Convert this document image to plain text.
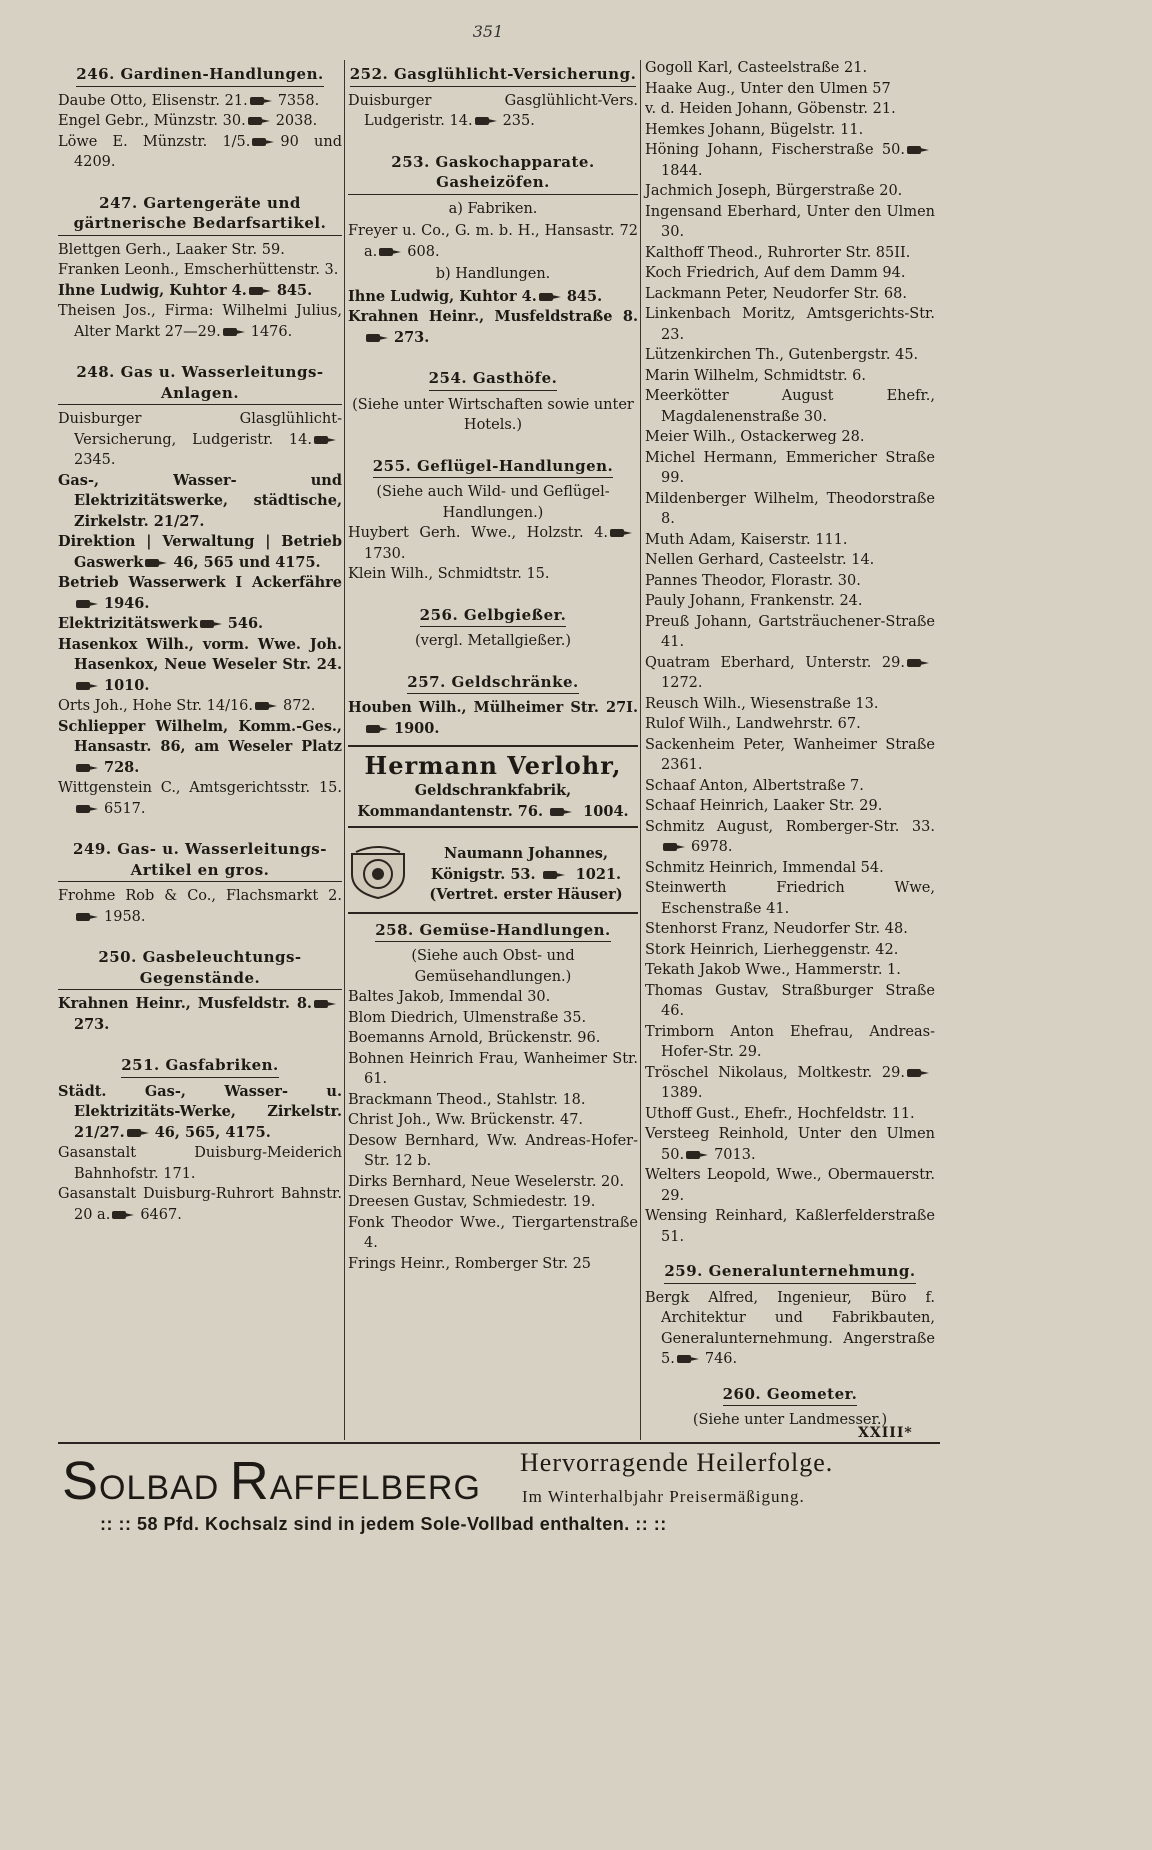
351
246. Gardinen-Handlungen.
Daube Otto, Elisenstr. 21. 7358.
Engel Gebr., Münzstr. 30. 2038.
Löwe E. Münzstr. 1/5. 90 und 4209.
247. Gartengeräte und gärtnerische Bedarfsartikel.
Blettgen Gerh., Laaker Str. 59.
Franken Leonh., Emscherhüttenstr. 3.
Ihne Ludwig, Kuhtor 4. 845.
Theisen Jos., Firma: Wilhelmi Julius, Alter Markt 27—29. 1476.
248. Gas u. Wasserleitungs-Anlagen.
Duisburger Glasglühlicht-Versicherung, Ludgeristr. 14.2345.
Gas-, Wasser- und Elektrizitätswerke, städtische, Zirkelstr. 21/27.
Direktion | Verwaltung | Betrieb Gaswerk 46, 565 und 4175.
Betrieb Wasserwerk I Ackerfähre1946.
Elektrizitätswerk 546.
Hasenkox Wilh., vorm. Wwe. Joh. Hasenkox, Neue Weseler Str. 24.1010.
Orts Joh., Hohe Str. 14/16. 872.
Schliepper Wilhelm, Komm.-Ges., Hansastr. 86, am Weseler Platz728.
Wittgenstein C., Amtsgerichtsstr. 15.6517.
249. Gas- u. Wasserleitungs-Artikel en gros.
Frohme Rob & Co., Flachsmarkt 2.1958.
250. Gasbeleuchtungs-Gegenstände.
Krahnen Heinr., Musfeldstr. 8.273.
251. Gasfabriken.
Städt. Gas-, Wasser- u. Elektrizitäts-Werke, Zirkelstr. 21/27. 46, 565, 4175.
Gasanstalt Duisburg-Meiderich Bahnhofstr. 171.
Gasanstalt Duisburg-Ruhrort Bahnstr. 20 a. 6467.
252. Gasglühlicht-Versicherung.
Duisburger Gasglühlicht-Vers. Ludgeristr. 14. 235.
253. Gaskochapparate. Gasheizöfen.
a) Fabriken.
Freyer u. Co., G. m. b. H., Hansastr. 72 a. 608.
b) Handlungen.
Ihne Ludwig, Kuhtor 4. 845.
Krahnen Heinr., Musfeldstraße 8.273.
254. Gasthöfe.
(Siehe unter Wirtschaften sowie unter Hotels.)
255. Geflügel-Handlungen.
(Siehe auch Wild- und Geflügel-Handlungen.)
Huybert Gerh. Wwe., Holzstr. 4.1730.
Klein Wilh., Schmidtstr. 15.
256. Gelbgießer.
(vergl. Metallgießer.)
257. Geldschränke.
Houben Wilh., Mülheimer Str. 27I.1900.
Hermann Verlohr,
Geldschrankfabrik,
Kommandantenstr. 76.	1004.
Naumann Johannes,
Königstr. 53.	1021.
(Vertret. erster Häuser)
258. Gemüse-Handlungen.
(Siehe auch Obst- und Gemüsehandlungen.)
Baltes Jakob, Immendal 30.
Blom Diedrich, Ulmenstraße 35.
Boemanns Arnold, Brückenstr. 96.
Bohnen Heinrich Frau, Wanheimer Str. 61.
Brackmann Theod., Stahlstr. 18.
Christ Joh., Ww. Brückenstr. 47.
Desow Bernhard, Ww. Andreas-Hofer-Str. 12 b.
Dirks Bernhard, Neue Weselerstr. 20.
Dreesen Gustav, Schmiedestr. 19.
Fonk Theodor Wwe., Tiergartenstraße 4.
Frings Heinr., Romberger Str. 25
Gogoll Karl, Casteelstraße 21.
Haake Aug., Unter den Ulmen 57
v. d. Heiden Johann, Göbenstr. 21.
Hemkes Johann, Bügelstr. 11.
Höning Johann, Fischerstraße 50.1844.
Jachmich Joseph, Bürgerstraße 20.
Ingensand Eberhard, Unter den Ulmen 30.
Kalthoff Theod., Ruhrorter Str. 85II.
Koch Friedrich, Auf dem Damm 94.
Lackmann Peter, Neudorfer Str. 68.
Linkenbach Moritz, Amtsgerichts-Str. 23.
Lützenkirchen Th., Gutenbergstr. 45.
Marin Wilhelm, Schmidtstr. 6.
Meerkötter August Ehefr., Magdalenenstraße 30.
Meier Wilh., Ostackerweg 28.
Michel Hermann, Emmericher Straße 99.
Mildenberger Wilhelm, Theodorstraße 8.
Muth Adam, Kaiserstr. 111.
Nellen Gerhard, Casteelstr. 14.
Pannes Theodor, Florastr. 30.
Pauly Johann, Frankenstr. 24.
Preuß Johann, Gartsträuchener-Straße 41.
Quatram Eberhard, Unterstr. 29.1272.
Reusch Wilh., Wiesenstraße 13.
Rulof Wilh., Landwehrstr. 67.
Sackenheim Peter, Wanheimer Straße 2361.
Schaaf Anton, Albertstraße 7.
Schaaf Heinrich, Laaker Str. 29.
Schmitz August, Romberger-Str. 33.6978.
Schmitz Heinrich, Immendal 54.
Steinwerth Friedrich Wwe, Eschenstraße 41.
Stenhorst Franz, Neudorfer Str. 48.
Stork Heinrich, Lierheggenstr. 42.
Tekath Jakob Wwe., Hammerstr. 1.
Thomas Gustav, Straßburger Straße 46.
Trimborn Anton Ehefrau, Andreas-Hofer-Str. 29.
Tröschel Nikolaus, Moltkestr. 29.1389.
Uthoff Gust., Ehefr., Hochfeldstr. 11.
Versteeg Reinhold, Unter den Ulmen 50. 7013.
Welters Leopold, Wwe., Obermauerstr. 29.
Wensing Reinhard, Kaßlerfelderstraße 51.
259. Generalunternehmung.
Bergk Alfred, Ingenieur, Büro f. Architektur und Fabrikbauten, Generalunternehmung. Angerstraße 5. 746.
260. Geometer.
(Siehe unter Landmesser.)
XXIII*
SOLBAD RAFFELBERG
Hervorragende Heilerfolge.
Im Winterhalbjahr Preisermäßigung.
:: :: 58 Pfd. Kochsalz sind in jedem Sole-Vollbad enthalten. :: ::
